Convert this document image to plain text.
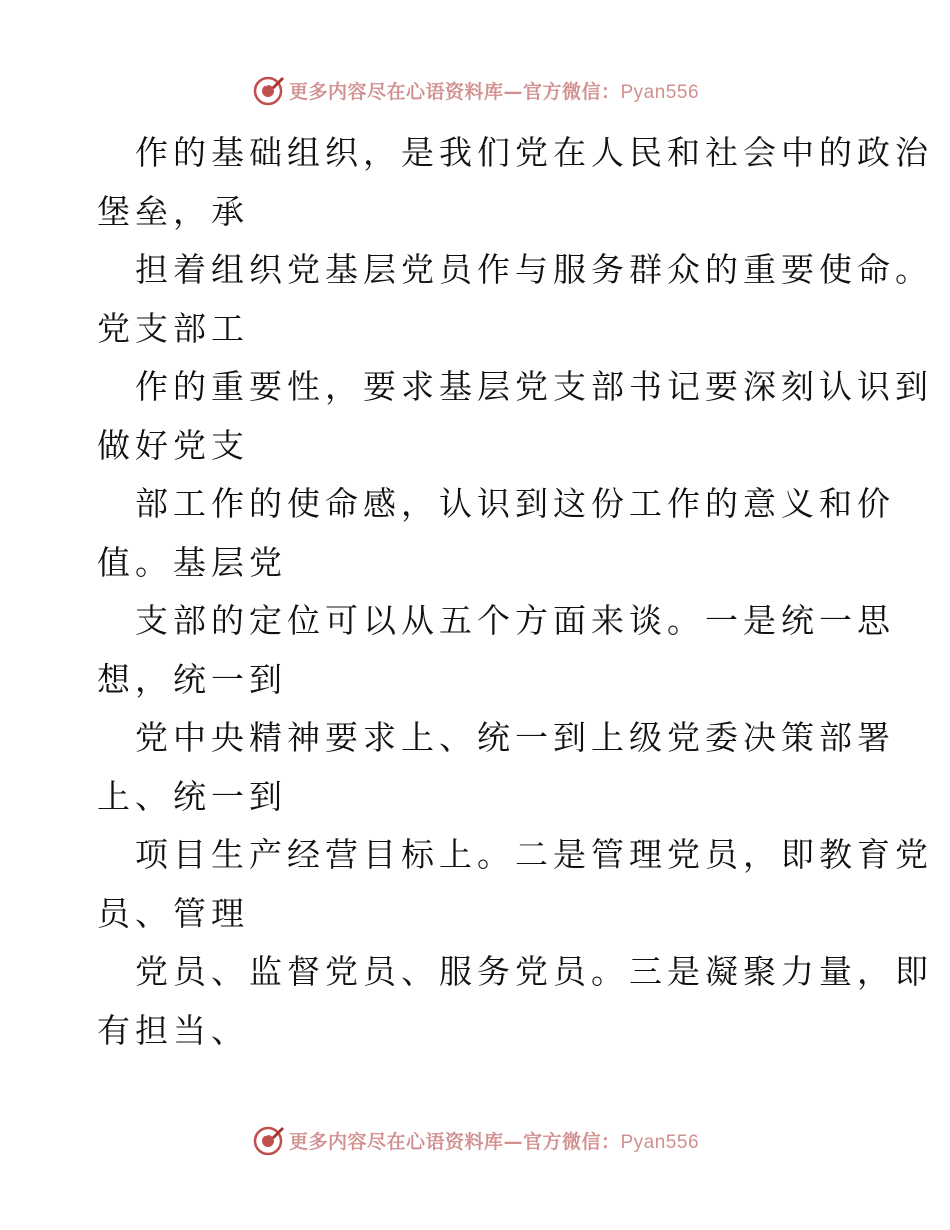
更多内容尽在心语资料库—官方微信：Pyan556
作的基础组织，是我们党在人民和社会中的政治
堡垒，承
担着组织党基层党员作与服务群众的重要使命。
党支部工
作的重要性，要求基层党支部书记要深刻认识到
做好党支
部工作的使命感，认识到这份工作的意义和价
值。基层党
支部的定位可以从五个方面来谈。一是统一思
想，统一到
党中央精神要求上、统一到上级党委决策部署
上、统一到
项目生产经营目标上。二是管理党员，即教育党
员、管理
党员、监督党员、服务党员。三是凝聚力量，即
有担当、
更多内容尽在心语资料库—官方微信：Pyan556
